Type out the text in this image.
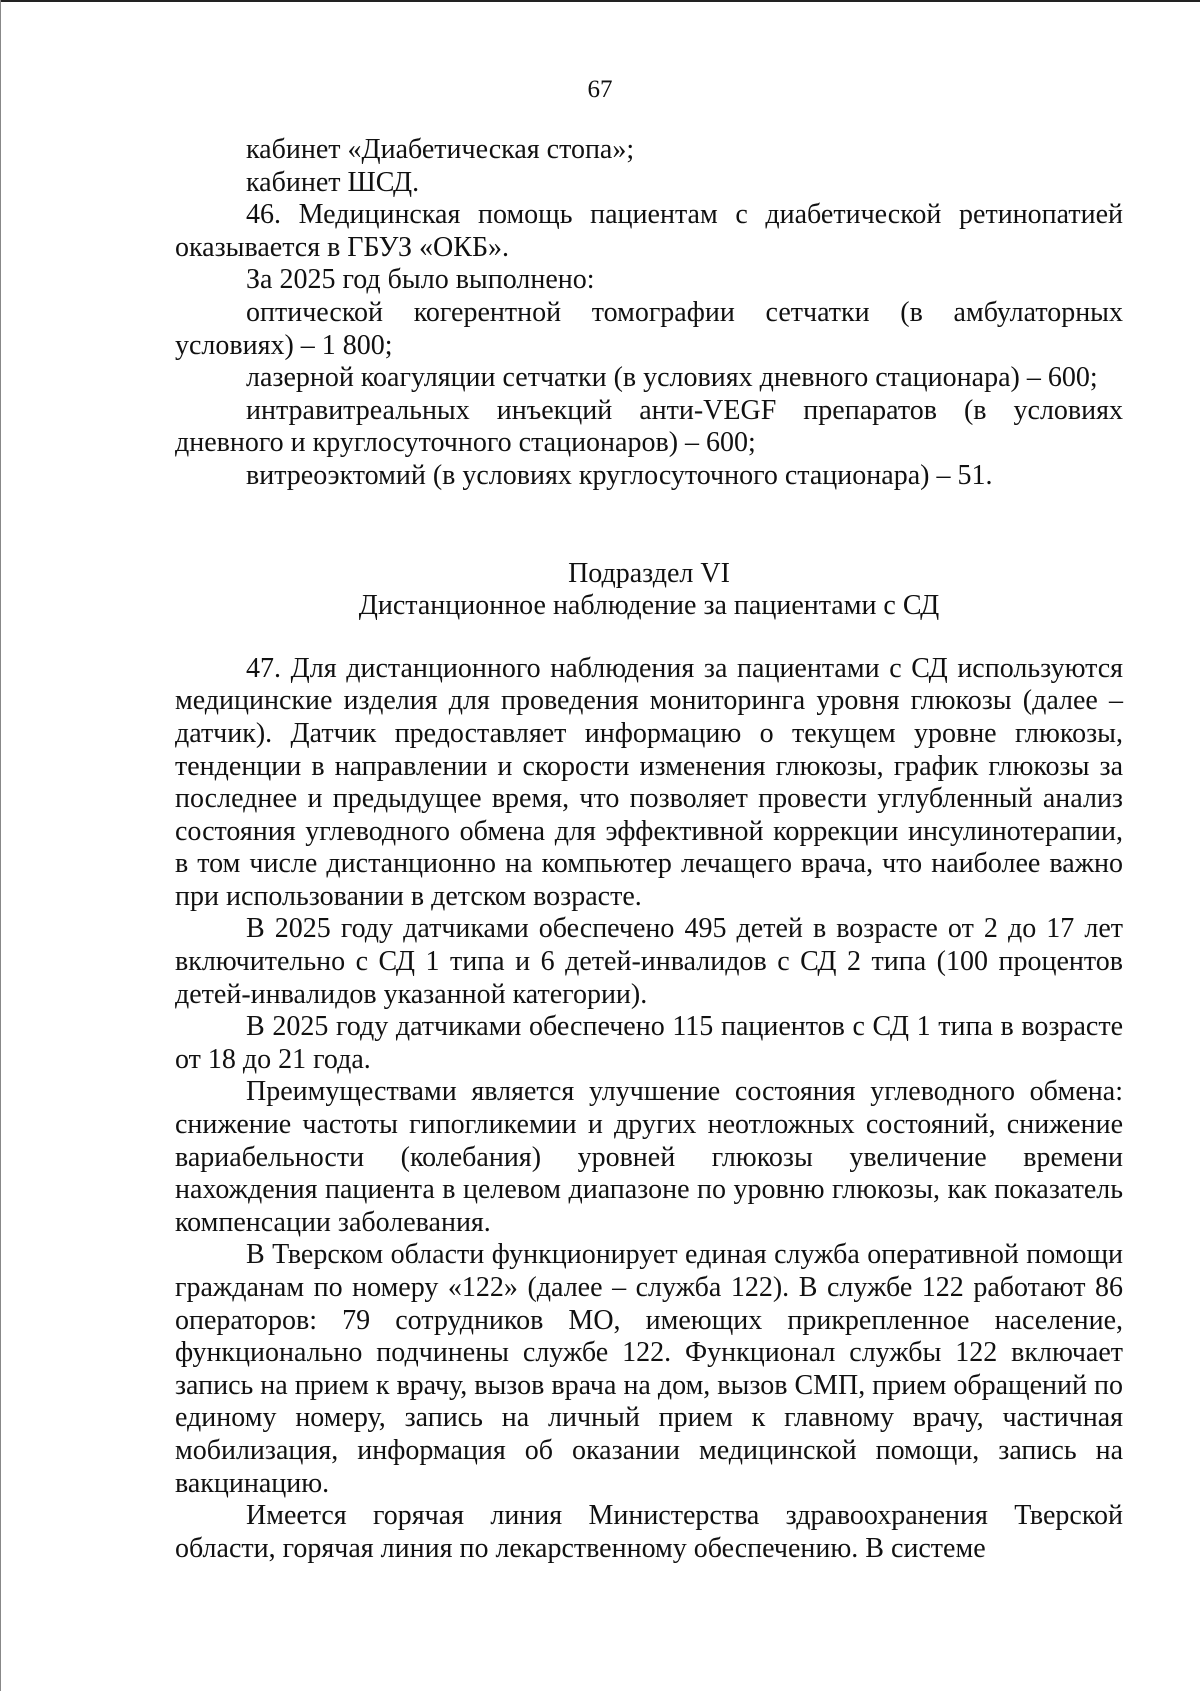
67

кабинет «Диабетическая стопа»;

кабинет ШСД.

46. Медицинская помощь пациентам с диабетической ретинопатией оказывается в ГБУЗ «ОКБ».

За 2025 год было выполнено:

оптической когерентной томографии сетчатки (в амбулаторных условиях) – 1 800;

лазерной коагуляции сетчатки (в условиях дневного стационара) – 600;

интравитреальных инъекций анти-VEGF препаратов (в условиях дневного и круглосуточного стационаров) – 600;

витреоэктомий (в условиях круглосуточного стационара) – 51.

Подраздел VI

Дистанционное наблюдение за пациентами с СД

47. Для дистанционного наблюдения за пациентами с СД используются медицинские изделия для проведения мониторинга уровня глюкозы (далее – датчик). Датчик предоставляет информацию о текущем уровне глюкозы, тенденции в направлении и скорости изменения глюкозы, график глюкозы за последнее и предыдущее время, что позволяет провести углубленный анализ состояния углеводного обмена для эффективной коррекции инсулинотерапии, в том числе дистанционно на компьютер лечащего врача, что наиболее важно при использовании в детском возрасте.

В 2025 году датчиками обеспечено 495 детей в возрасте от 2 до 17 лет включительно с СД 1 типа и 6 детей-инвалидов с СД 2 типа (100 процентов детей-инвалидов указанной категории).

В 2025 году датчиками обеспечено 115 пациентов с СД 1 типа в возрасте от 18 до 21 года.

Преимуществами является улучшение состояния углеводного обмена: снижение частоты гипогликемии и других неотложных состояний, снижение вариабельности (колебания) уровней глюкозы увеличение времени нахождения пациента в целевом диапазоне по уровню глюкозы, как показатель компенсации заболевания.

В Тверском области функционирует единая служба оперативной помощи гражданам по номеру «122» (далее – служба 122). В службе 122 работают 86 операторов: 79 сотрудников МО, имеющих прикрепленное население, функционально подчинены службе 122. Функционал службы 122 включает запись на прием к врачу, вызов врача на дом, вызов СМП, прием обращений по единому номеру, запись на личный прием к главному врачу, частичная мобилизация, информация об оказании медицинской помощи, запись на вакцинацию.

Имеется горячая линия Министерства здравоохранения Тверской области, горячая линия по лекарственному обеспечению. В системе
